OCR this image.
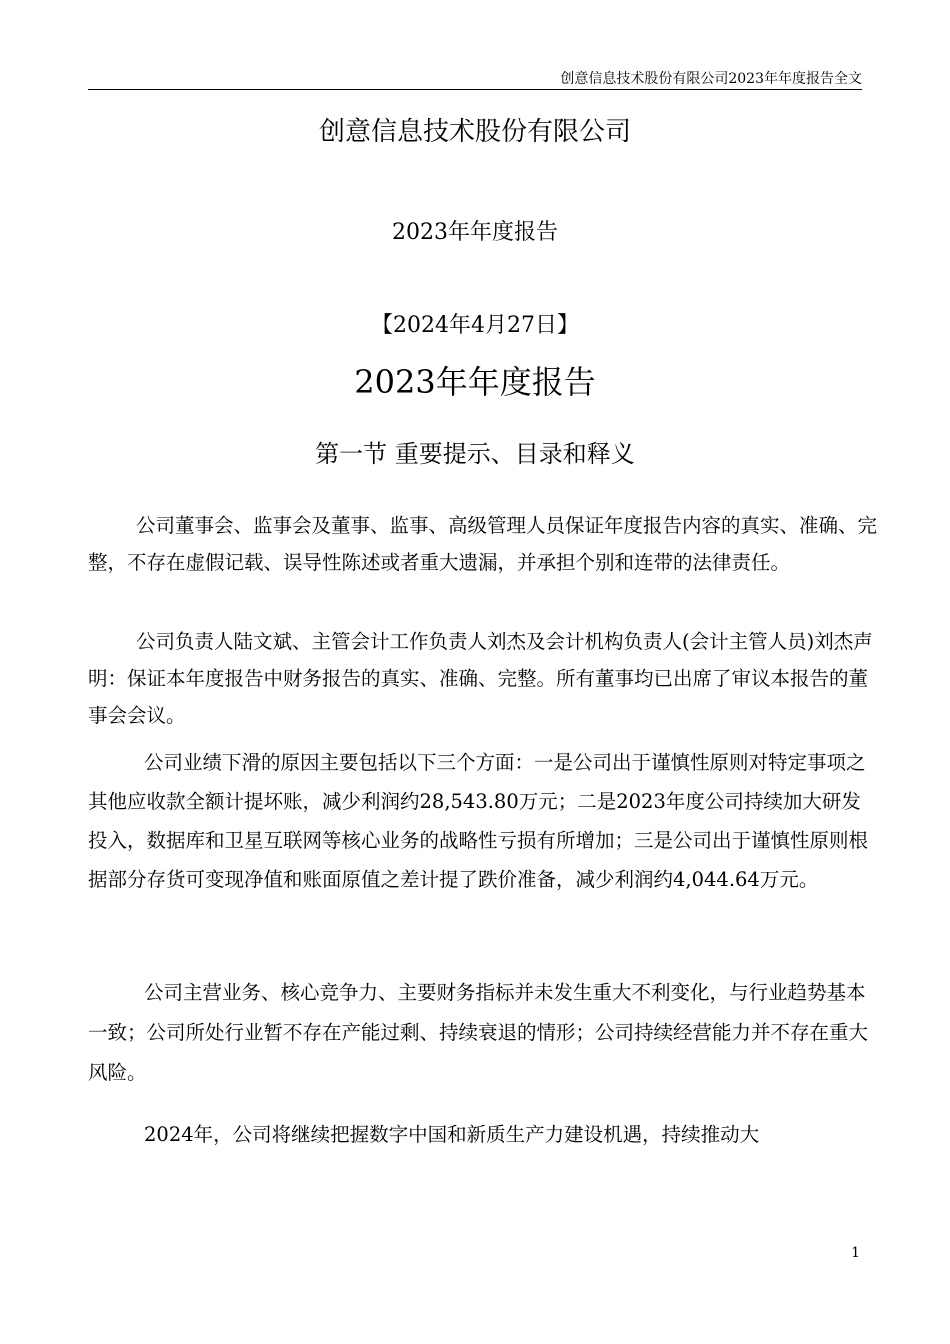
创意信息技术股份有限公司2023年年度报告全文
创意信息技术股份有限公司
2023年年度报告
【2024年4月27日】
2023年年度报告
第一节 重要提示、目录和释义

公司董事会、监事会及董事、监事、高级管理人员保证年度报告内容的真实、准确、完整，不存在虚假记载、误导性陈述或者重大遗漏，并承担个别和连带的法律责任。

公司负责人陆文斌、主管会计工作负责人刘杰及会计机构负责人(会计主管人员)刘杰声明：保证本年度报告中财务报告的真实、准确、完整。所有董事均已出席了审议本报告的董事会会议。

公司业绩下滑的原因主要包括以下三个方面：一是公司出于谨慎性原则对特定事项之其他应收款全额计提坏账，减少利润约28,543.80万元；二是2023年度公司持续加大研发投入，数据库和卫星互联网等核心业务的战略性亏损有所增加；三是公司出于谨慎性原则根据部分存货可变现净值和账面原值之差计提了跌价准备，减少利润约4,044.64万元。

公司主营业务、核心竞争力、主要财务指标并未发生重大不利变化，与行业趋势基本一致；公司所处行业暂不存在产能过剩、持续衰退的情形；公司持续经营能力并不存在重大风险。

2024年，公司将继续把握数字中国和新质生产力建设机遇，持续推动大

1
